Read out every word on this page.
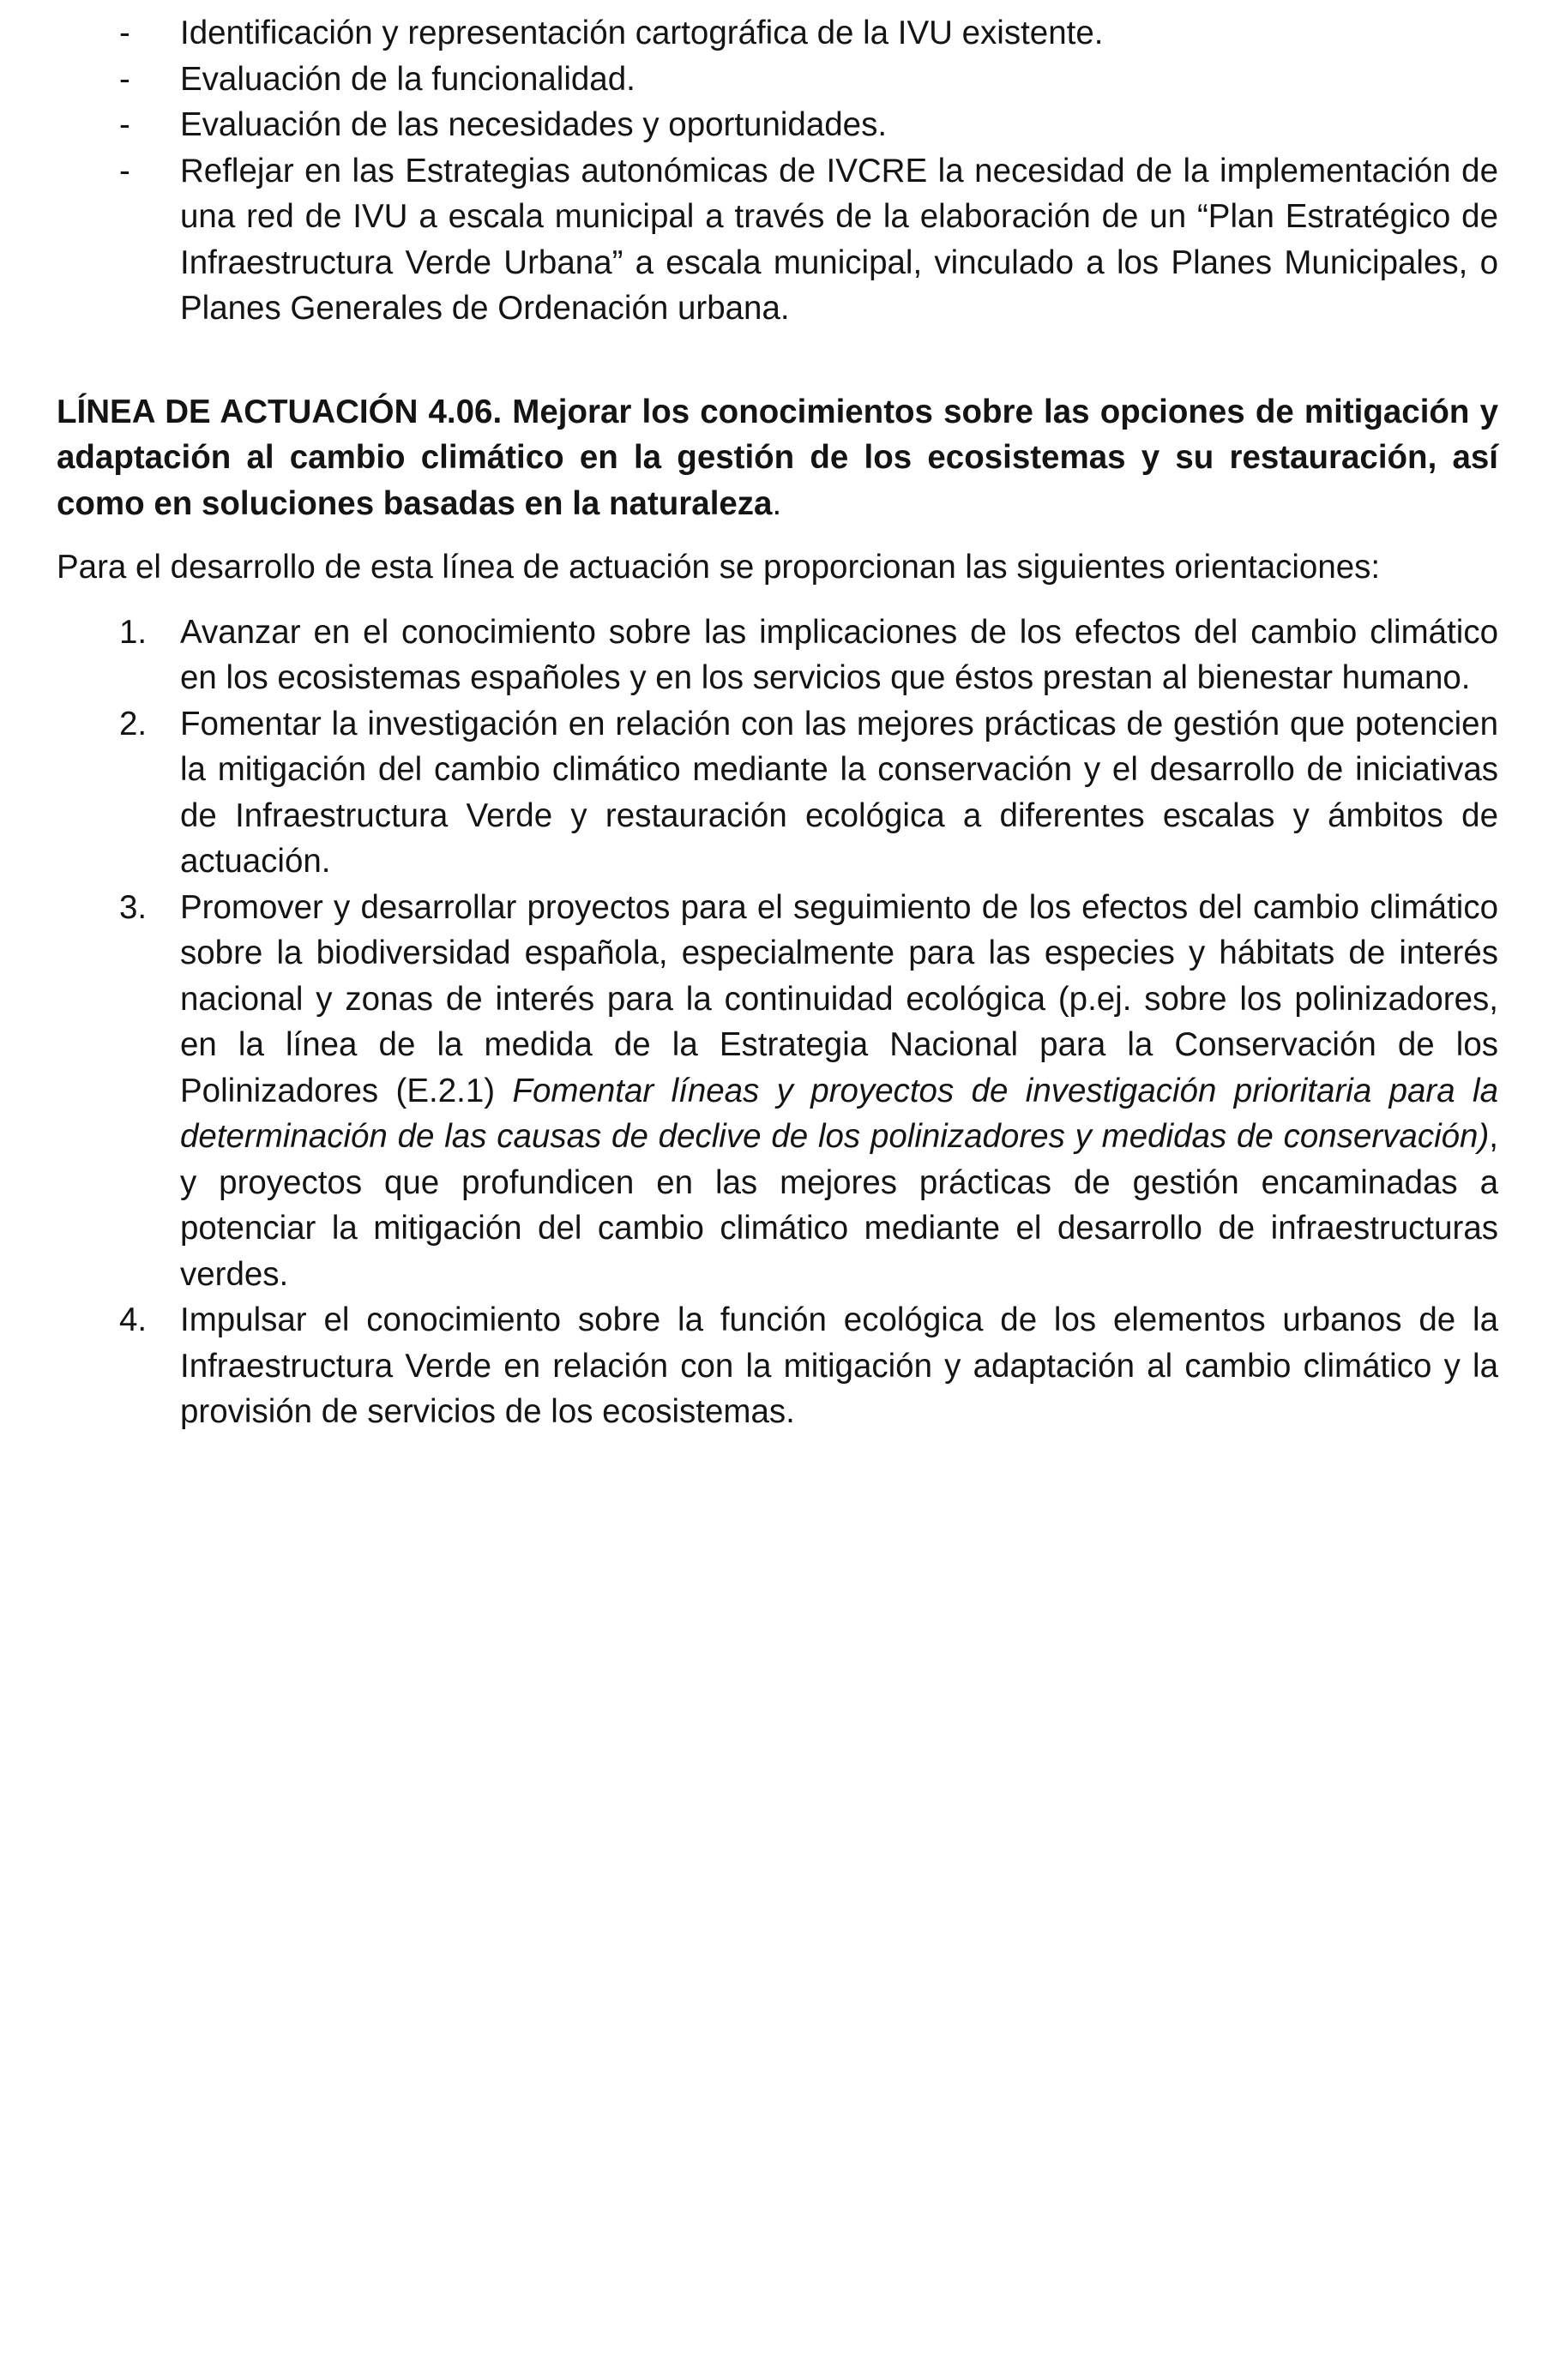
- Identificación y representación cartográfica de la IVU existente.
- Evaluación de la funcionalidad.
- Evaluación de las necesidades y oportunidades.
- Reflejar en las Estrategias autonómicas de IVCRE la necesidad de la implementación de una red de IVU a escala municipal a través de la elaboración de un “Plan Estratégico de Infraestructura Verde Urbana” a escala municipal, vinculado a los Planes Municipales, o Planes Generales de Ordenación urbana.

LÍNEA DE ACTUACIÓN 4.06. Mejorar los conocimientos sobre las opciones de mitigación y adaptación al cambio climático en la gestión de los ecosistemas y su restauración, así como en soluciones basadas en la naturaleza.

Para el desarrollo de esta línea de actuación se proporcionan las siguientes orientaciones:

1. Avanzar en el conocimiento sobre las implicaciones de los efectos del cambio climático en los ecosistemas españoles y en los servicios que éstos prestan al bienestar humano.
2. Fomentar la investigación en relación con las mejores prácticas de gestión que potencien la mitigación del cambio climático mediante la conservación y el desarrollo de iniciativas de Infraestructura Verde y restauración ecológica a diferentes escalas y ámbitos de actuación.
3. Promover y desarrollar proyectos para el seguimiento de los efectos del cambio climático sobre la biodiversidad española, especialmente para las especies y hábitats de interés nacional y zonas de interés para la continuidad ecológica (p.ej. sobre los polinizadores, en la línea de la medida de la Estrategia Nacional para la Conservación de los Polinizadores (E.2.1) Fomentar líneas y proyectos de investigación prioritaria para la determinación de las causas de declive de los polinizadores y medidas de conservación), y proyectos que profundicen en las mejores prácticas de gestión encaminadas a potenciar la mitigación del cambio climático mediante el desarrollo de infraestructuras verdes.
4. Impulsar el conocimiento sobre la función ecológica de los elementos urbanos de la Infraestructura Verde en relación con la mitigación y adaptación al cambio climático y la provisión de servicios de los ecosistemas.
